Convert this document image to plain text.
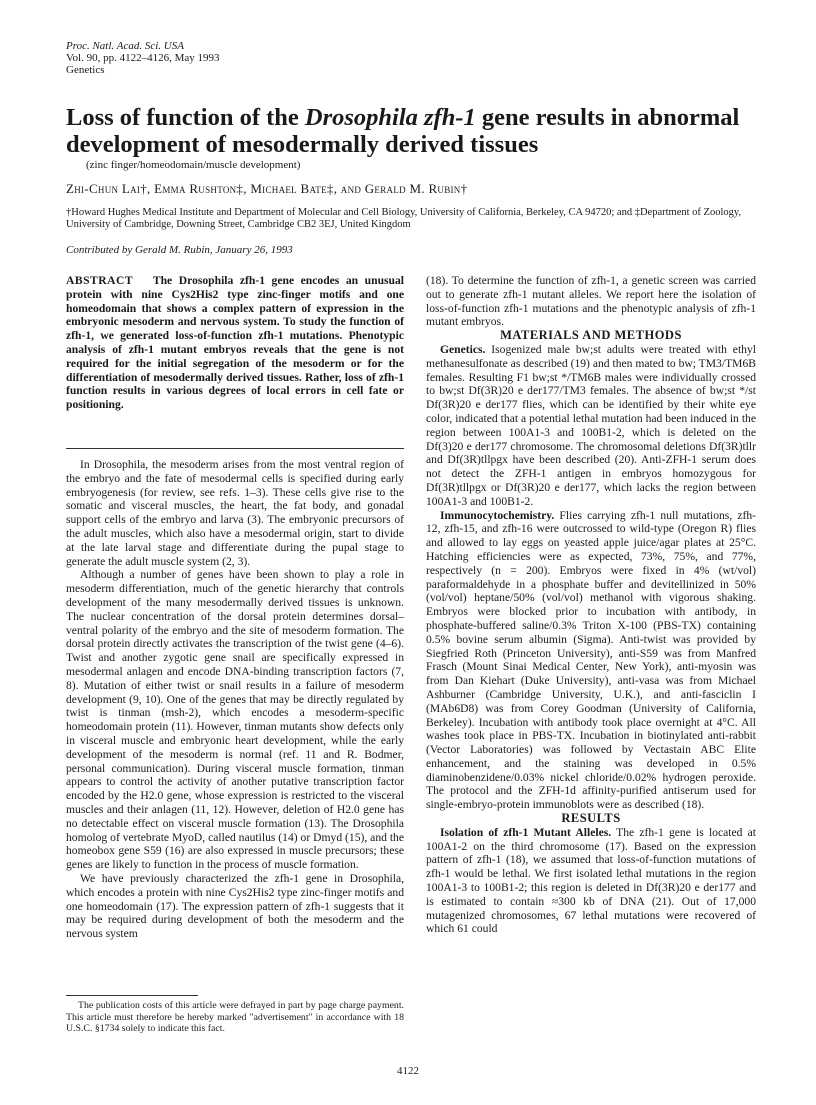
Proc. Natl. Acad. Sci. USA
Vol. 90, pp. 4122–4126, May 1993
Genetics
Loss of function of the Drosophila zfh-1 gene results in abnormal development of mesodermally derived tissues
(zinc finger/homeodomain/muscle development)
Zhi-Chun Lai†, Emma Rushton‡, Michael Bate‡, and Gerald M. Rubin†
†Howard Hughes Medical Institute and Department of Molecular and Cell Biology, University of California, Berkeley, CA 94720; and ‡Department of Zoology, University of Cambridge, Downing Street, Cambridge CB2 3EJ, United Kingdom
Contributed by Gerald M. Rubin, January 26, 1993

ABSTRACT The Drosophila zfh-1 gene encodes an unusual protein with nine Cys2His2 type zinc-finger motifs and one homeodomain that shows a complex pattern of expression in the embryonic mesoderm and nervous system. To study the function of zfh-1, we generated loss-of-function zfh-1 mutations. Phenotypic analysis of zfh-1 mutant embryos reveals that the gene is not required for the initial segregation of the mesoderm or for the differentiation of mesodermally derived tissues. Rather, loss of zfh-1 function results in various degrees of local errors in cell fate or positioning.

In Drosophila, the mesoderm arises from the most ventral region of the embryo and the fate of mesodermal cells is specified during early embryogenesis (for review, see refs. 1–3). These cells give rise to the somatic and visceral muscles, the heart, the fat body, and gonadal support cells of the embryo and larva (3). The embryonic precursors of the adult muscles, which also have a mesodermal origin, start to divide at the late larval stage and differentiate during the pupal stage to generate the adult muscle system (2, 3).

Although a number of genes have been shown to play a role in mesoderm differentiation, much of the genetic hierarchy that controls development of the many mesodermally derived tissues is unknown. The nuclear concentration of the dorsal protein determines dorsal–ventral polarity of the embryo and the site of mesoderm formation. The dorsal protein directly activates the transcription of the twist gene (4–6). Twist and another zygotic gene snail are specifically expressed in mesodermal anlagen and encode DNA-binding transcription factors (7, 8). Mutation of either twist or snail results in a failure of mesoderm development (9, 10). One of the genes that may be directly regulated by twist is tinman (msh-2), which encodes a mesoderm-specific homeodomain protein (11). However, tinman mutants show defects only in visceral muscle and embryonic heart development, while the early development of the mesoderm is normal (ref. 11 and R. Bodmer, personal communication). During visceral muscle formation, tinman appears to control the activity of another putative transcription factor encoded by the H2.0 gene, whose expression is restricted to the visceral muscles and their anlagen (11, 12). However, deletion of H2.0 gene has no detectable effect on visceral muscle formation (13). The Drosophila homolog of vertebrate MyoD, called nautilus (14) or Dmyd (15), and the homeobox gene S59 (16) are also expressed in muscle precursors; these genes are likely to function in the process of muscle formation.

We have previously characterized the zfh-1 gene in Drosophila, which encodes a protein with nine Cys2His2 type zinc-finger motifs and one homeodomain (17). The expression pattern of zfh-1 suggests that it may be required during development of both the mesoderm and the nervous system

(18). To determine the function of zfh-1, a genetic screen was carried out to generate zfh-1 mutant alleles. We report here the isolation of loss-of-function zfh-1 mutations and the phenotypic analysis of zfh-1 mutant embryos.

MATERIALS AND METHODS

Genetics. Isogenized male bw;st adults were treated with ethyl methanesulfonate as described (19) and then mated to bw; TM3/TM6B females. Resulting F1 bw;st */TM6B males were individually crossed to bw;st Df(3R)20 e der177/TM3 females. The absence of bw;st */st Df(3R)20 e der177 flies, which can be identified by their white eye color, indicated that a potential lethal mutation had been induced in the region between 100A1-3 and 100B1-2, which is deleted on the Df(3)20 e der177 chromosome. The chromosomal deletions Df(3R)tllr and Df(3R)tllpgx have been described (20). Anti-ZFH-1 serum does not detect the ZFH-1 antigen in embryos homozygous for Df(3R)tllpgx or Df(3R)20 e der177, which lacks the region between 100A1-3 and 100B1-2.

Immunocytochemistry. Flies carrying zfh-1 null mutations, zfh-12, zfh-15, and zfh-16 were outcrossed to wild-type (Oregon R) flies and allowed to lay eggs on yeasted apple juice/agar plates at 25°C. Hatching efficiencies were as expected, 73%, 75%, and 77%, respectively (n = 200). Embryos were fixed in 4% (wt/vol) paraformaldehyde in a phosphate buffer and devitellinized in 50% (vol/vol) heptane/50% (vol/vol) methanol with vigorous shaking. Embryos were blocked prior to incubation with antibody, in phosphate-buffered saline/0.3% Triton X-100 (PBS-TX) containing 0.5% bovine serum albumin (Sigma). Anti-twist was provided by Siegfried Roth (Princeton University), anti-S59 was from Manfred Frasch (Mount Sinai Medical Center, New York), anti-myosin was from Dan Kiehart (Duke University), anti-vasa was from Michael Ashburner (Cambridge University, U.K.), and anti-fasciclin I (MAb6D8) was from Corey Goodman (University of California, Berkeley). Incubation with antibody took place overnight at 4°C. All washes took place in PBS-TX. Incubation in biotinylated anti-rabbit (Vector Laboratories) was followed by Vectastain ABC Elite enhancement, and the staining was developed in 0.5% diaminobenzidene/0.03% nickel chloride/0.02% hydrogen peroxide. The protocol and the ZFH-1d affinity-purified antiserum used for single-embryo-protein immunoblots were as described (18).

RESULTS

Isolation of zfh-1 Mutant Alleles. The zfh-1 gene is located at 100A1-2 on the third chromosome (17). Based on the expression pattern of zfh-1 (18), we assumed that loss-of-function mutations of zfh-1 would be lethal. We first isolated lethal mutations in the region 100A1-3 to 100B1-2; this region is deleted in Df(3R)20 e der177 and is estimated to contain ≈300 kb of DNA (21). Out of 17,000 mutagenized chromosomes, 67 lethal mutations were recovered of which 61 could

The publication costs of this article were defrayed in part by page charge payment. This article must therefore be hereby marked "advertisement" in accordance with 18 U.S.C. §1734 solely to indicate this fact.
4122
